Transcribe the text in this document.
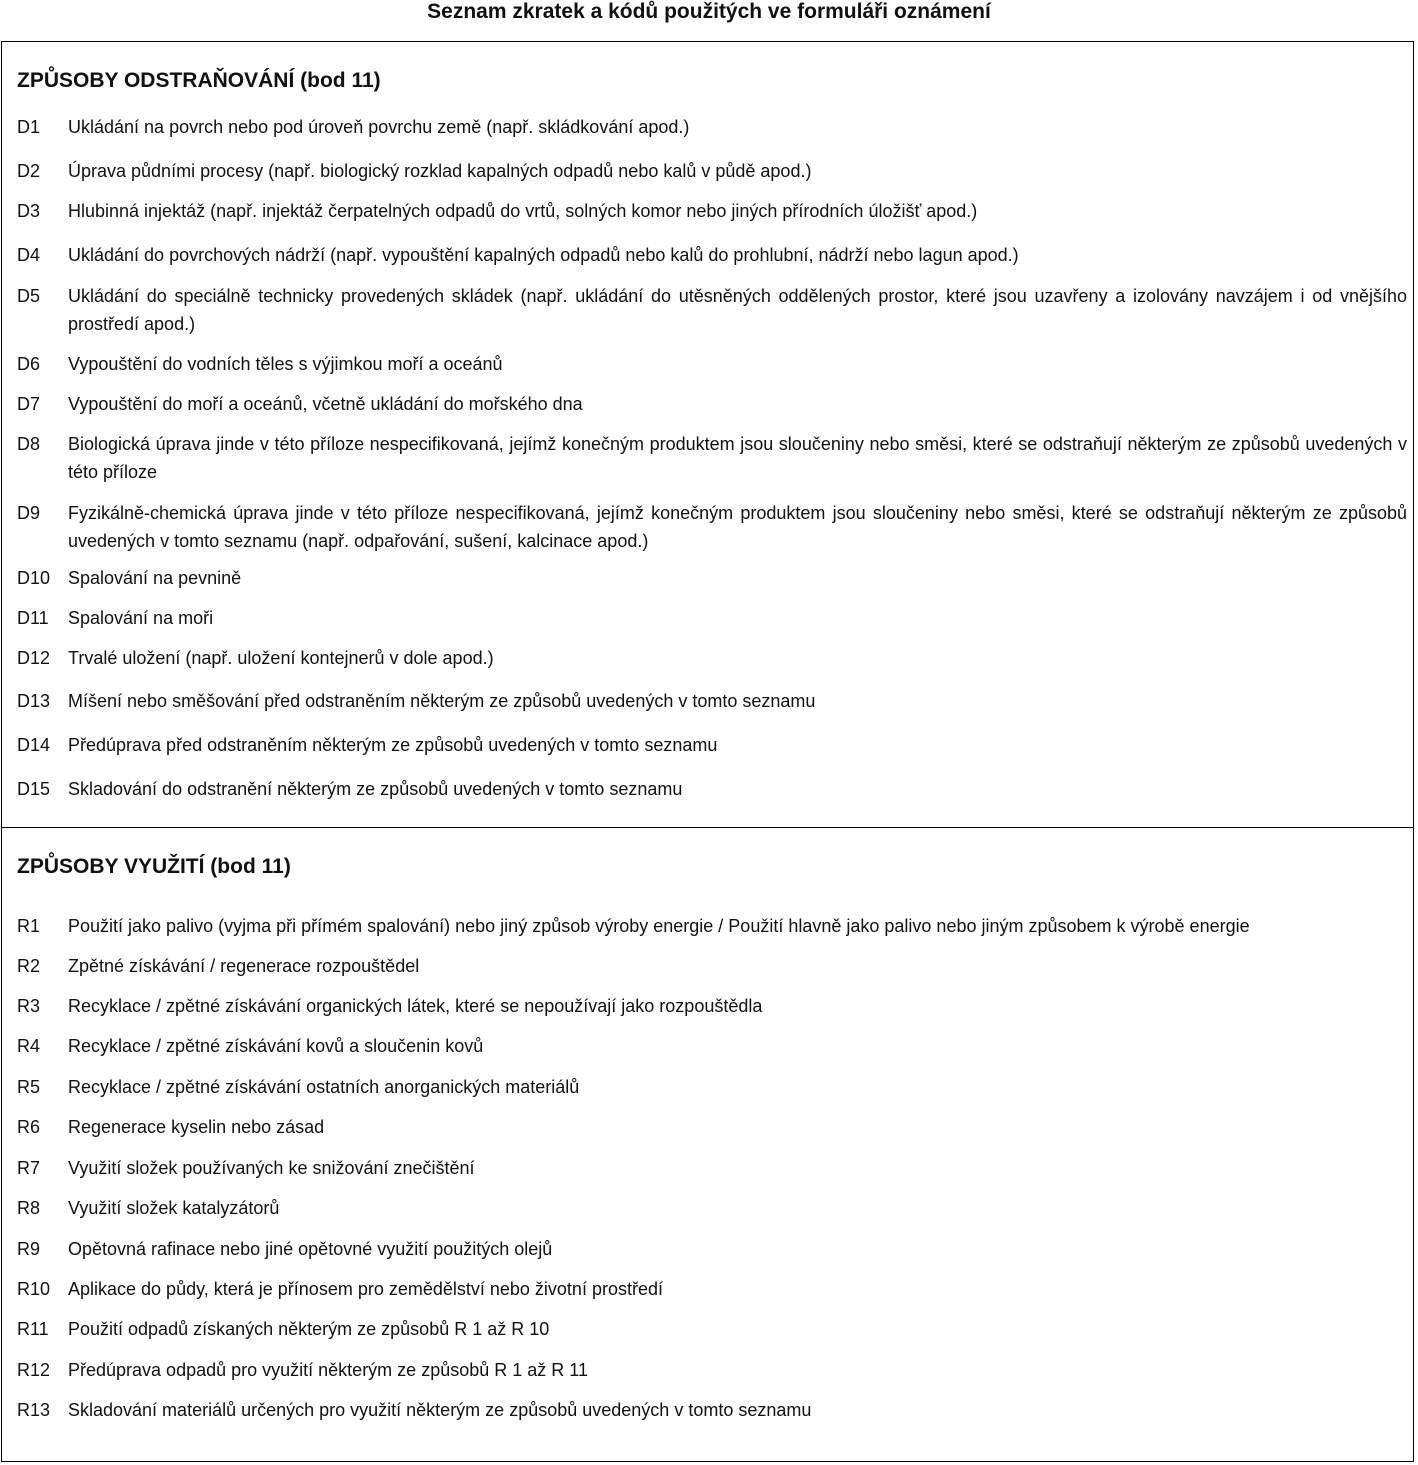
Seznam zkratek a kódů použitých ve formuláři oznámení
ZPŮSOBY ODSTRAŇOVÁNÍ (bod 11)
D1	Ukládání na povrch nebo pod úroveň povrchu země (např. skládkování apod.)
D2	Úprava půdními procesy (např. biologický rozklad kapalných odpadů nebo kalů v půdě apod.)
D3	Hlubinná injektáž (např. injektáž čerpatelných odpadů do vrtů, solných komor nebo jiných přírodních úložišť apod.)
D4	Ukládání do povrchových nádrží (např. vypouštění kapalných odpadů nebo kalů do prohlubní, nádrží nebo lagun apod.)
D5	Ukládání do speciálně technicky provedených skládek (např. ukládání do utěsněných oddělených prostor, které jsou uzavřeny a izolovány navzájem i od vnějšího prostředí apod.)
D6	Vypouštění do vodních těles s výjimkou moří a oceánů
D7	Vypouštění do moří a oceánů, včetně ukládání do mořského dna
D8	Biologická úprava jinde v této příloze nespecifikovaná, jejímž konečným produktem jsou sloučeniny nebo směsi, které se odstraňují některým ze způsobů uvedených v této příloze
D9	Fyzikálně-chemická úprava jinde v této příloze nespecifikovaná, jejímž konečným produktem jsou sloučeniny nebo směsi, které se odstraňují některým ze způsobů uvedených v tomto seznamu (např. odpařování, sušení, kalcinace apod.)
D10 Spalování na pevnině
D11	Spalování na moři
D12 Trvalé uložení (např. uložení kontejnerů v dole apod.)
D13 Míšení nebo směšování před odstraněním některým ze způsobů uvedených v tomto seznamu
D14 Předúprava před odstraněním některým ze způsobů uvedených v tomto seznamu
D15 Skladování do odstranění některým ze způsobů uvedených v tomto seznamu
ZPŮSOBY VYUŽITÍ (bod 11)
R1	Použití jako palivo (vyjma při přímém spalování) nebo jiný způsob výroby energie / Použití hlavně jako palivo nebo jiným způsobem k výrobě energie
R2	Zpětné získávání / regenerace rozpouštědel
R3	Recyklace / zpětné získávání organických látek, které se nepoužívají jako rozpouštědla
R4	Recyklace / zpětné získávání kovů a sloučenin kovů
R5	Recyklace / zpětné získávání ostatních anorganických materiálů
R6	Regenerace kyselin nebo zásad
R7	Využití složek používaných ke snižování znečištění
R8	Využití složek katalyzátorů
R9	Opětovná rafinace nebo jiné opětovné využití použitých olejů
R10 Aplikace do půdy, která je přínosem pro zemědělství nebo životní prostředí
R11	Použití odpadů získaných některým ze způsobů R 1 až R 10
R12 Předúprava odpadů pro využití některým ze způsobů R 1 až R 11
R13 Skladování materiálů určených pro využití některým ze způsobů uvedených v tomto seznamu
